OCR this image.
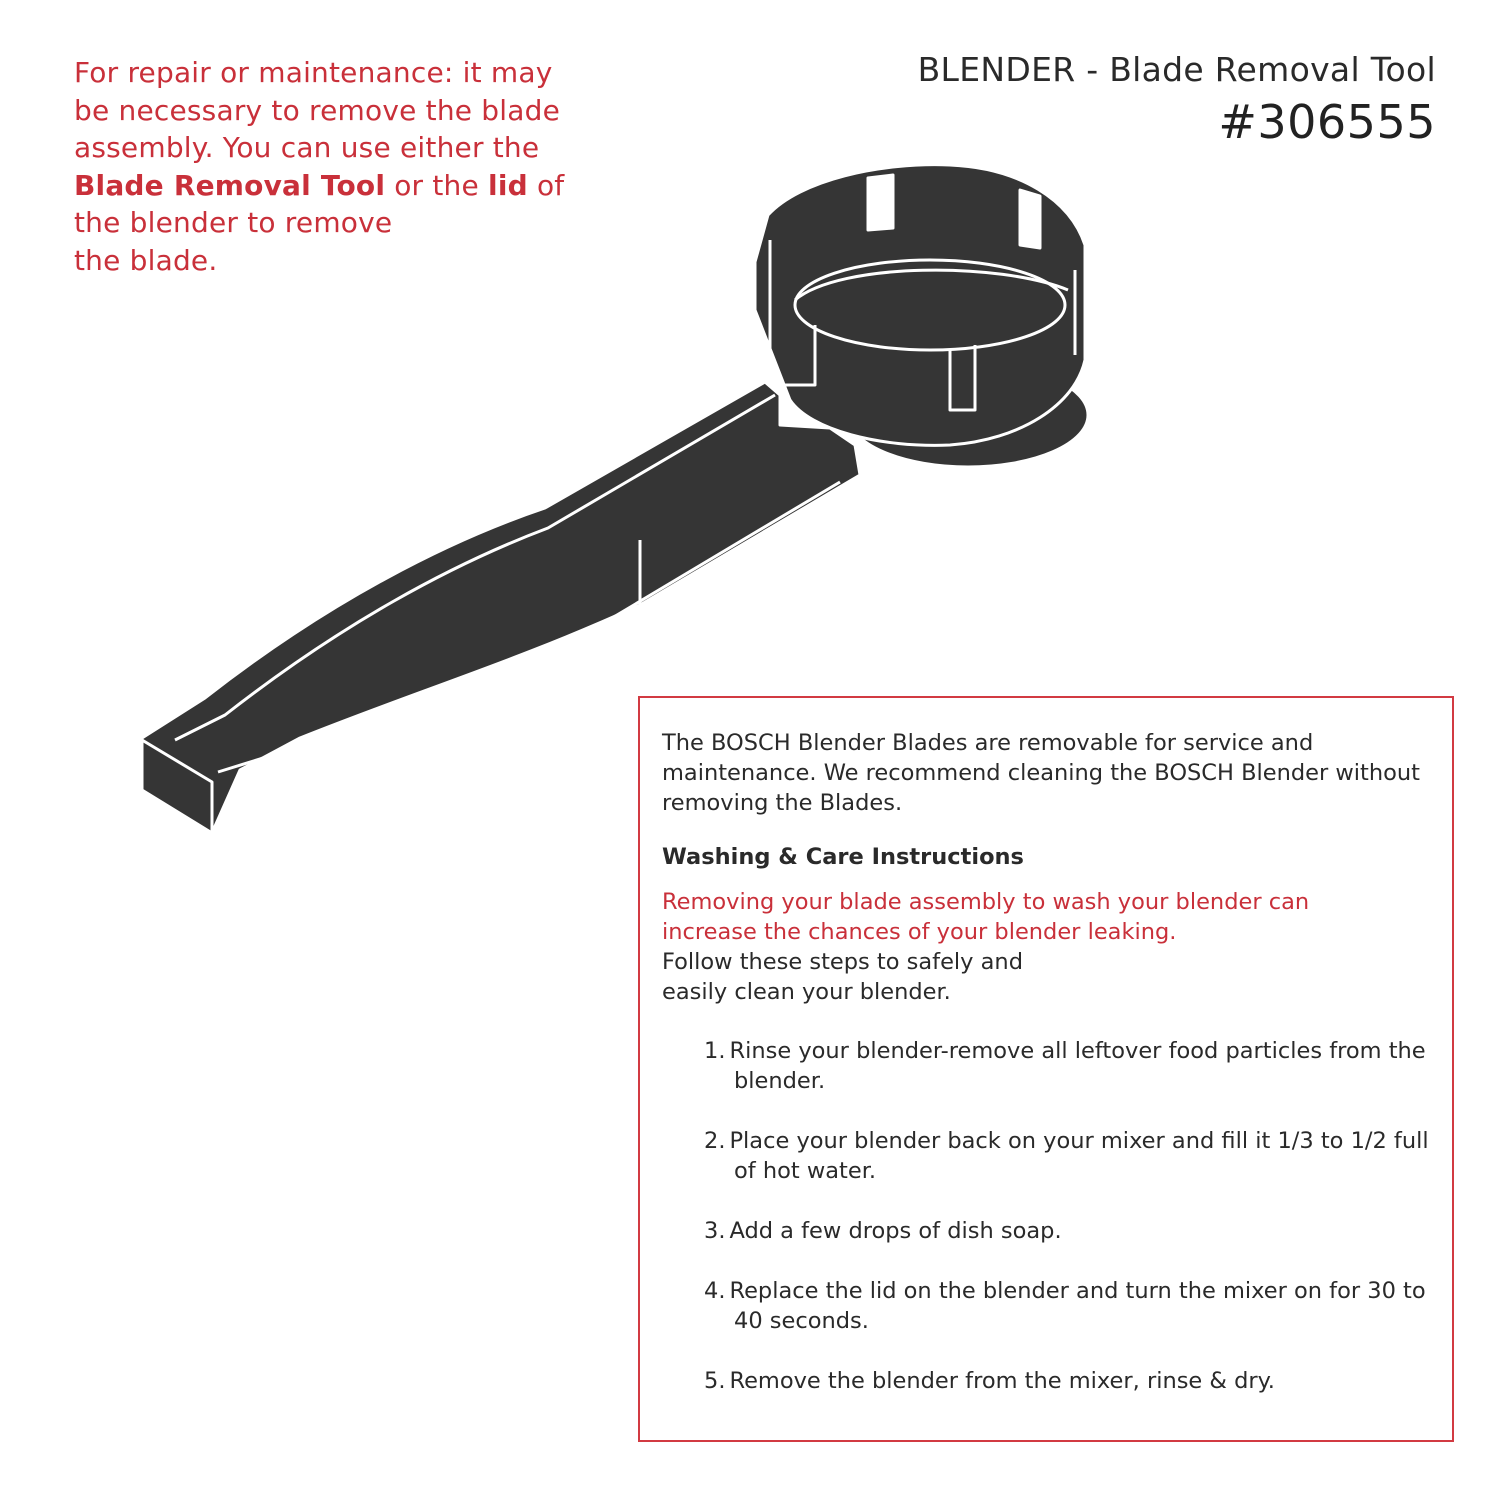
For repair or maintenance: it may
be necessary to remove the blade
assembly. You can use either the
Blade Removal Tool or the lid of
the blender to remove
the blade.
BLENDER - Blade Removal Tool
#306555

The BOSCH Blender Blades are removable for service and maintenance. We recommend cleaning the BOSCH Blender without removing the Blades.

Washing & Care Instructions

Removing your blade assembly to wash your blender can

increase the chances of your blender leaking.

Follow these steps to safely and

easily clean your blender.

1. Rinse your blender-remove all leftover food particles from the blender.
2. Place your blender back on your mixer and fill it 1/3 to 1/2 full of hot water.
3. Add a few drops of dish soap.
4. Replace the lid on the blender and turn the mixer on for 30 to 40 seconds.
5. Remove the blender from the mixer, rinse & dry.
